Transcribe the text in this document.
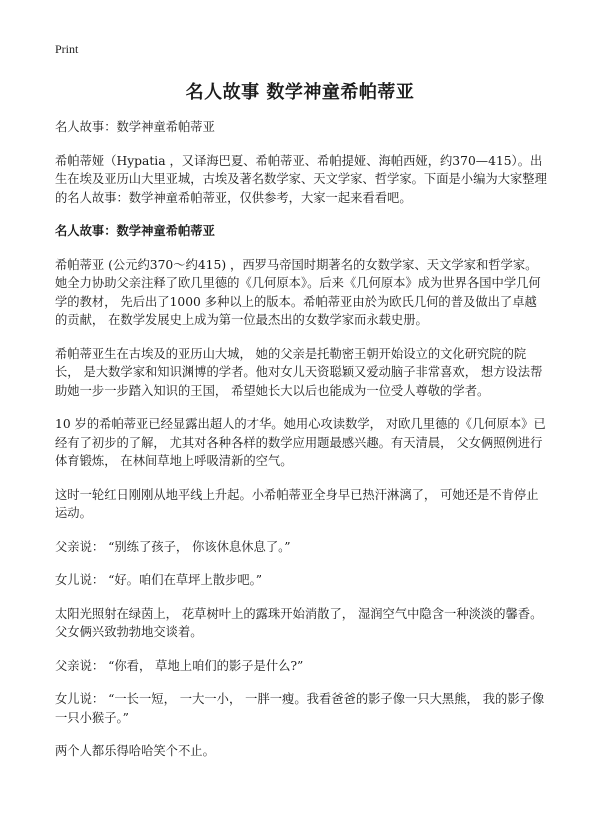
Print
名人故事 数学神童希帕蒂亚

名人故事：数学神童希帕蒂亚

希帕蒂娅（Hypatia ，又译海巴夏、希帕蒂亚、希帕提娅、海帕西娅，约370—415）。出生在埃及亚历山大里亚城，古埃及著名数学家、天文学家、哲学家。下面是小编为大家整理的名人故事：数学神童希帕蒂亚，仅供参考，大家一起来看看吧。

名人故事：数学神童希帕蒂亚

希帕蒂亚 (公元约370～约415) ，西罗马帝国时期著名的女数学家、天文学家和哲学家。她全力协助父亲注释了欧几里德的《几何原本》。后来《几何原本》成为世界各国中学几何学的教材， 先后出了1000 多种以上的版本。希帕蒂亚由於为欧氏几何的普及做出了卓越的贡献， 在数学发展史上成为第一位最杰出的女数学家而永载史册。

希帕蒂亚生在古埃及的亚历山大城， 她的父亲是托勒密王朝开始设立的文化研究院的院长， 是大数学家和知识渊博的学者。他对女儿天资聪颖又爱动脑子非常喜欢， 想方设法帮助她一步一步踏入知识的王国， 希望她长大以后也能成为一位受人尊敬的学者。

10 岁的希帕蒂亚已经显露出超人的才华。她用心攻读数学， 对欧几里德的《几何原本》已经有了初步的了解， 尤其对各种各样的数学应用题最感兴趣。有天清晨， 父女俩照例进行体育锻炼， 在林间草地上呼吸清新的空气。

这时一轮红日刚刚从地平线上升起。小希帕蒂亚全身早已热汗淋漓了， 可她还是不肯停止运动。

父亲说： “别练了孩子， 你该休息休息了。”

女儿说： “好。咱们在草坪上散步吧。”

太阳光照射在绿茵上， 花草树叶上的露珠开始消散了， 湿润空气中隐含一种淡淡的馨香。父女俩兴致勃勃地交谈着。

父亲说： “你看， 草地上咱们的影子是什么?”

女儿说： “一长一短， 一大一小， 一胖一瘦。我看爸爸的影子像一只大黑熊， 我的影子像一只小猴子。”

两个人都乐得哈哈笑个不止。
